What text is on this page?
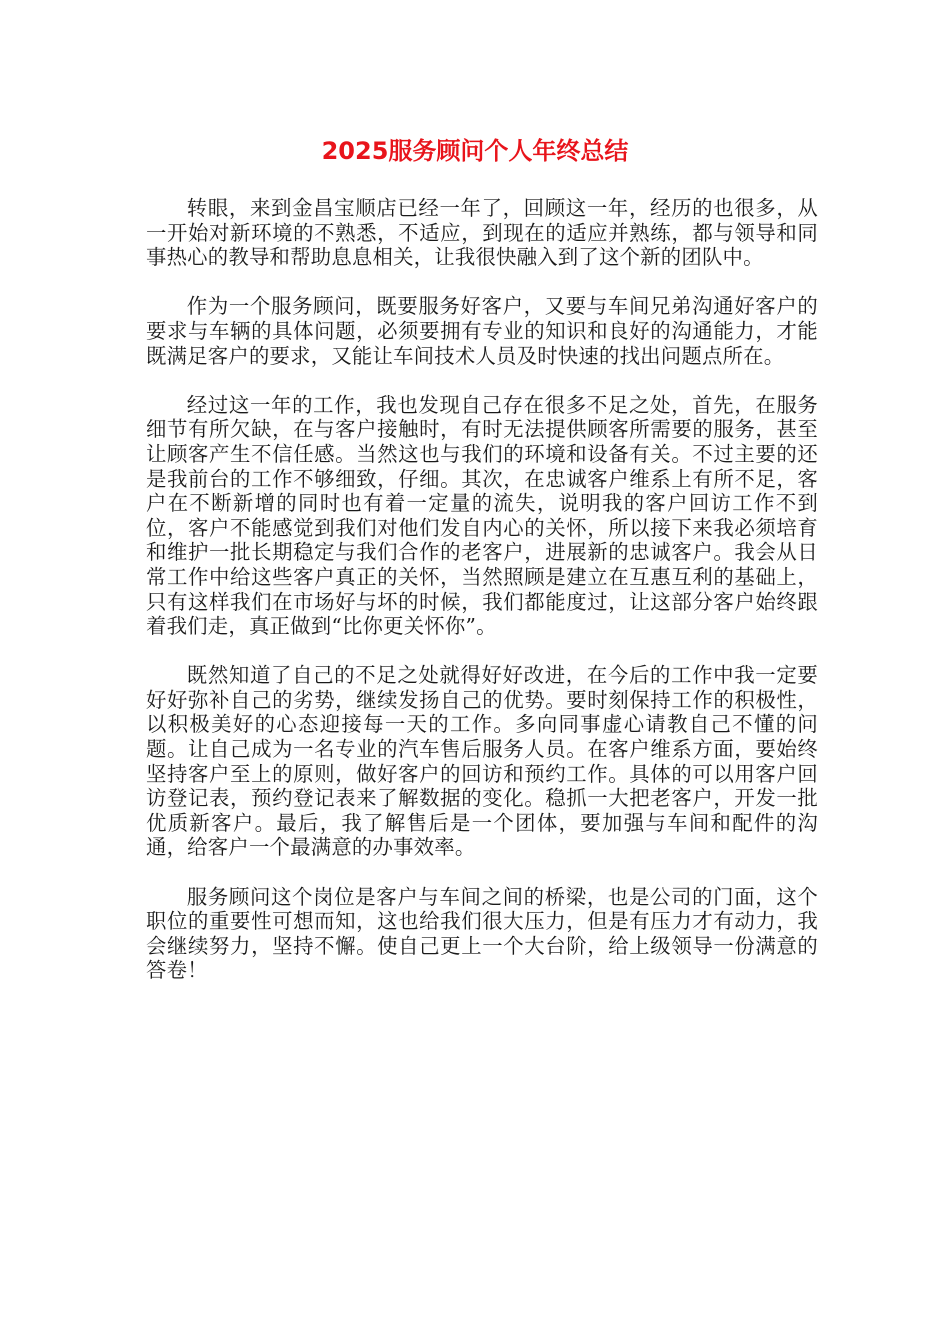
2025服务顾问个人年终总结

转眼，来到金昌宝顺店已经一年了，回顾这一年，经历的也很多，从一开始对新环境的不熟悉，不适应，到现在的适应并熟练，都与领导和同事热心的教导和帮助息息相关，让我很快融入到了这个新的团队中。

作为一个服务顾问，既要服务好客户，又要与车间兄弟沟通好客户的要求与车辆的具体问题，必须要拥有专业的知识和良好的沟通能力，才能既满足客户的要求，又能让车间技术人员及时快速的找出问题点所在。

经过这一年的工作，我也发现自己存在很多不足之处，首先，在服务细节有所欠缺，在与客户接触时，有时无法提供顾客所需要的服务，甚至让顾客产生不信任感。当然这也与我们的环境和设备有关。不过主要的还是我前台的工作不够细致，仔细。其次，在忠诚客户维系上有所不足，客户在不断新增的同时也有着一定量的流失，说明我的客户回访工作不到位，客户不能感觉到我们对他们发自内心的关怀，所以接下来我必须培育和维护一批长期稳定与我们合作的老客户，进展新的忠诚客户。我会从日常工作中给这些客户真正的关怀，当然照顾是建立在互惠互利的基础上，只有这样我们在市场好与坏的时候，我们都能度过，让这部分客户始终跟着我们走，真正做到“比你更关怀你”。

既然知道了自己的不足之处就得好好改进，在今后的工作中我一定要好好弥补自己的劣势，继续发扬自己的优势。要时刻保持工作的积极性，以积极美好的心态迎接每一天的工作。多向同事虚心请教自己不懂的问题。让自己成为一名专业的汽车售后服务人员。在客户维系方面，要始终坚持客户至上的原则，做好客户的回访和预约工作。具体的可以用客户回访登记表，预约登记表来了解数据的变化。稳抓一大把老客户，开发一批优质新客户。最后，我了解售后是一个团体，要加强与车间和配件的沟通，给客户一个最满意的办事效率。

服务顾问这个岗位是客户与车间之间的桥梁，也是公司的门面，这个职位的重要性可想而知，这也给我们很大压力，但是有压力才有动力，我会继续努力，坚持不懈。使自己更上一个大台阶，给上级领导一份满意的答卷！
